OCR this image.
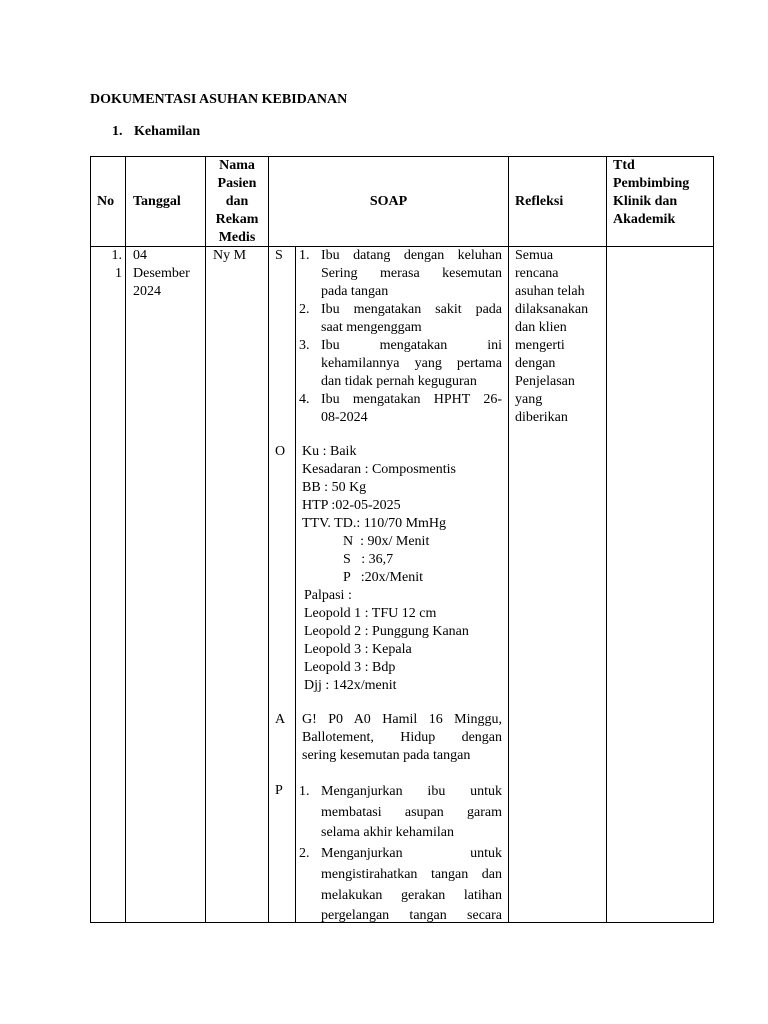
DOKUMENTASI ASUHAN KEBIDANAN
1. Kehamilan
No Tanggal
Nama
Pasien
dan
Rekam
Medis
SOAP	Refleksi
Ttd
Pembimbing
Klinik dan
Akademik
1.
1
04
Desember
2024
Ny M S
O
A
P
1. Ibu datang dengan keluhan
Sering merasa kesemutan
pada tangan
2. Ibu mengatakan sakit pada
saat mengenggam
3. Ibu mengatakan ini
kehamilannya yang pertama
dan tidak pernah keguguran
4. Ibu mengatakan HPHT 26-
08-2024
Ku : Baik
Kesadaran : Composmentis
BB : 50 Kg
HTP :02-05-2025
TTV. TD.: 110/70 MmHg
N  : 90x/ Menit
S   : 36,7
P   :20x/Menit
Palpasi :
Leopold 1 : TFU 12 cm
Leopold 2 : Punggung Kanan
Leopold 3 : Kepala
Leopold 3 : Bdp
Djj : 142x/menit
G! P0 A0 Hamil 16 Minggu,
Ballotement, Hidup dengan
sering kesemutan pada tangan
1. Menganjurkan ibu untuk
membatasi asupan garam
selama akhir kehamilan
2. Menganjurkan untuk
mengistirahatkan tangan dan
melakukan gerakan latihan
pergelangan tangan secara
Semua
rencana
asuhan telah
dilaksanakan
dan klien
mengerti
dengan
Penjelasan
yang
diberikan
